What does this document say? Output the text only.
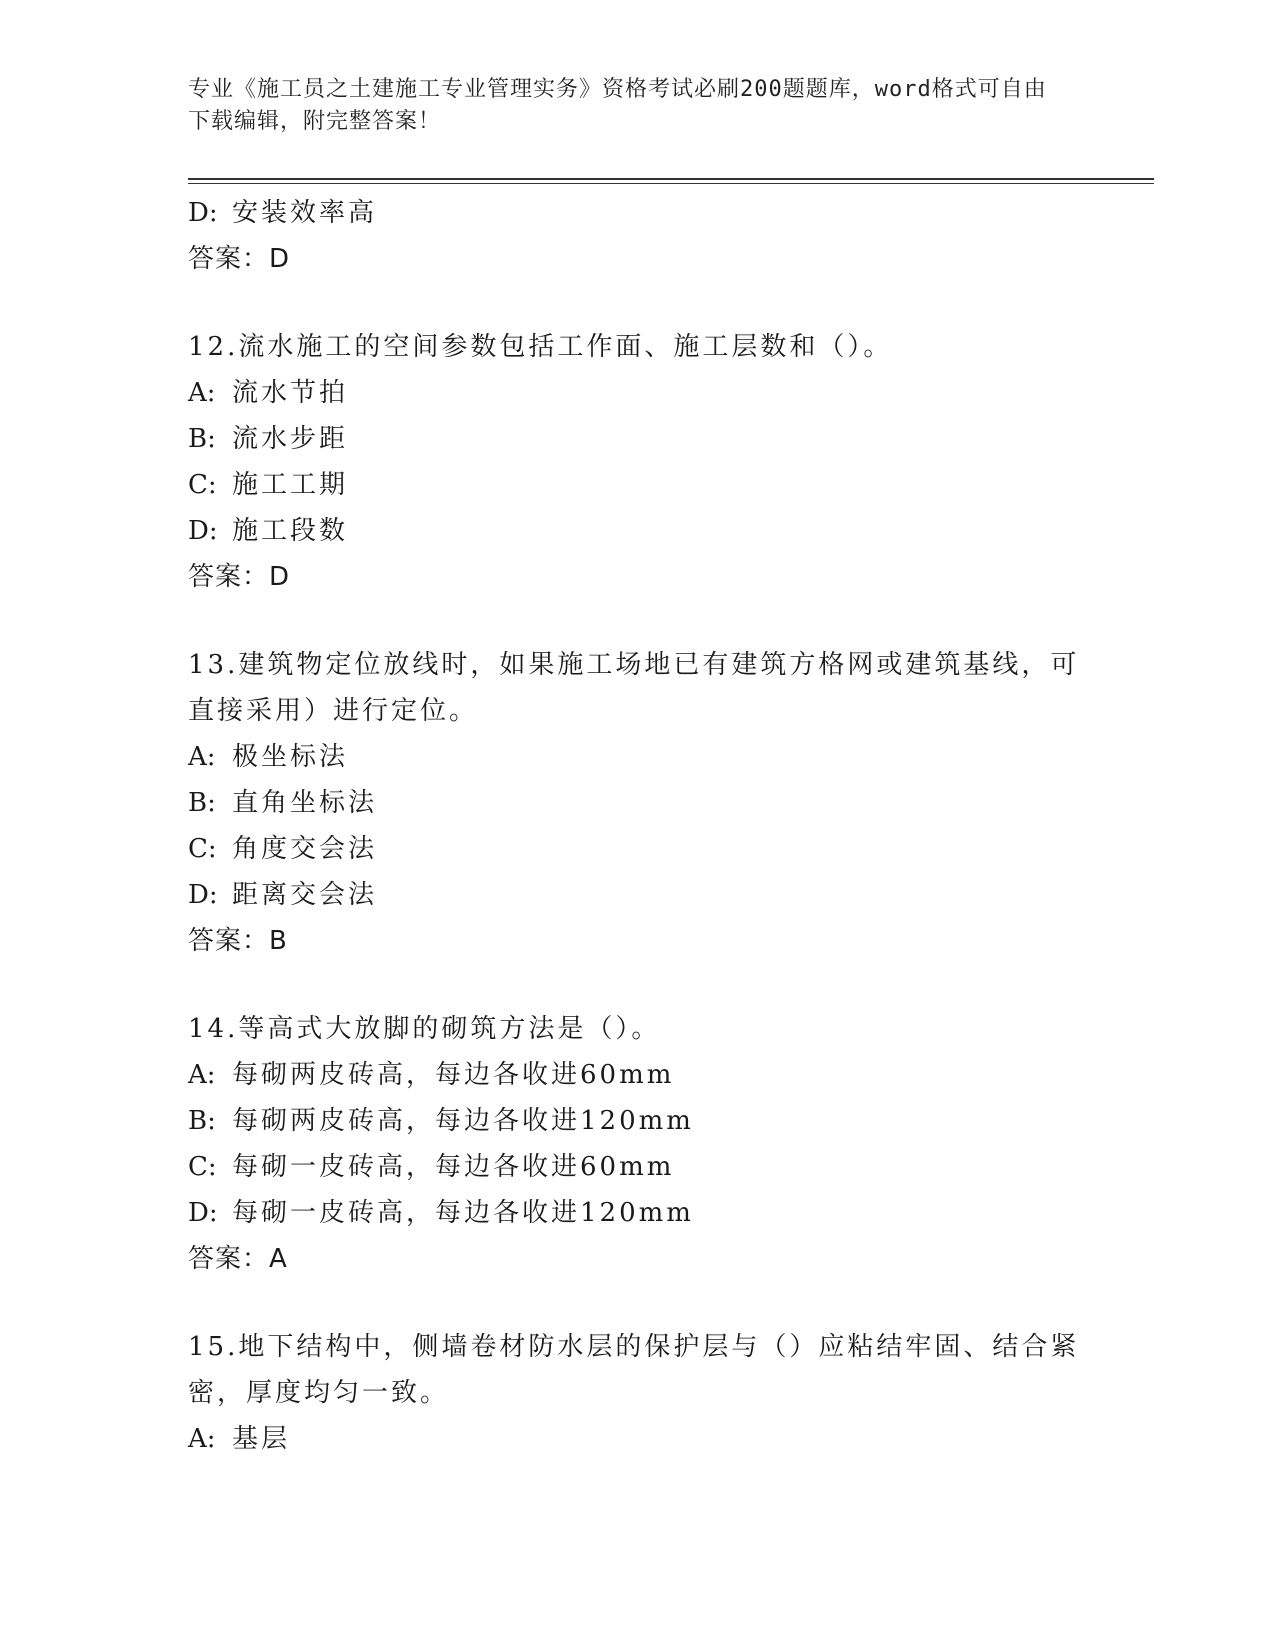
专业《施工员之土建施工专业管理实务》资格考试必刷200题题库，word格式可自由下载编辑，附完整答案！
D: 安装效率高
答案：D
12.流水施工的空间参数包括工作面、施工层数和（）。
A: 流水节拍
B: 流水步距
C: 施工工期
D: 施工段数
答案：D
13.建筑物定位放线时，如果施工场地已有建筑方格网或建筑基线，可直接采用）进行定位。
A: 极坐标法
B: 直角坐标法
C: 角度交会法
D: 距离交会法
答案：B
14.等高式大放脚的砌筑方法是（）。
A: 每砌两皮砖高，每边各收进60mm
B: 每砌两皮砖高，每边各收进120mm
C: 每砌一皮砖高，每边各收进60mm
D: 每砌一皮砖高，每边各收进120mm
答案：A
15.地下结构中，侧墙卷材防水层的保护层与（）应粘结牢固、结合紧密，厚度均匀一致。
A: 基层
